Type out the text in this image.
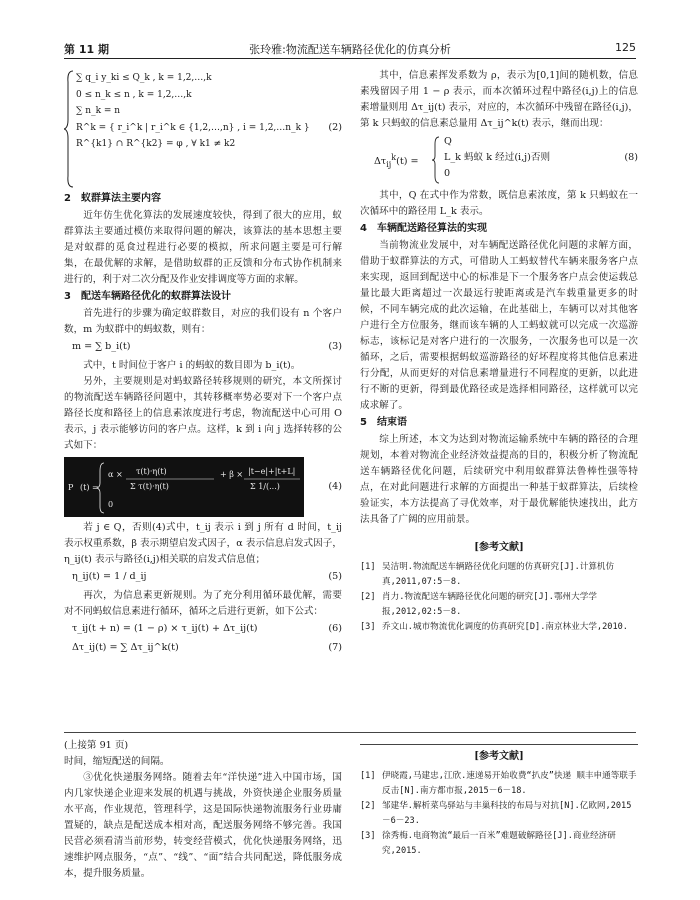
第 11 期	张玲雅:物流配送车辆路径优化的仿真分析	125
∑ q_i y_ki ≤ Q_k , k = 1,2,…,k
0 ≤ n_k ≤ n , k = 1,2,…,k
∑ n_k = n
R^k = { r_i^k | r_i^k ∈ {1,2,…,n} , i = 1,2,…n_k }
R^{k1} ∩ R^{k2} = φ , ∀ k1 ≠ k2
(2)
2　蚁群算法主要内容

近年仿生优化算法的发展速度较快，得到了很大的应用，蚁群算法主要通过模仿来取得问题的解决，该算法的基本思想主要是对蚁群的觅食过程进行必要的模拟，所求问题主要是可行解集，在最优解的求解，是借助蚁群的正反馈和分布式协作机制来进行的，利于对二次分配及作业安排调度等方面的求解。

3　配送车辆路径优化的蚁群算法设计

首先进行的步骤为确定蚁群数目，对应的我们设有 n 个客户数，m 为蚁群中的蚂蚁数，则有：

m = ∑ b_i(t)	(3)

式中，t 时间位于客户 i 的蚂蚁的数目即为 b_i(t)。

另外，主要规则是对蚂蚁路径转移规则的研究，本文所探讨的物流配送车辆路径问题中，其转移概率势必要对下一个客户点路径长度和路径上的信息素浓度进行考虑，物流配送中心可用 O 表示，j 表示能够访问的客户点。这样，k 到 i 向 j 选择转移的公式如下：

P (t) =
α × τ(t)·η(t)
Σ τ(t)·η(t)
+ β × |t−e|+|t+L|
Σ 1/(...)
0
(4)

若 j ∈ Q，否则(4)式中，t_ij 表示 i 到 j 所有 d 时间，t_ij 表示权重系数，β 表示期望启发式因子，α 表示信息启发式因子，η_ij(t) 表示与路径(i,j)相关联的启发式信息值；

η_ij(t) = 1 / d_ij	(5)

再次，为信息素更新规则。为了充分利用循环最优解，需要对不同蚂蚁信息素进行循环，循环之后进行更新，如下公式：

τ_ij(t + n) = (1 − ρ) × τ_ij(t) + Δτ_ij(t)	(6)
Δτ_ij(t) = ∑ Δτ_ij^k(t)	(7)

其中，信息素挥发系数为 ρ，表示为[0,1]间的随机数，信息素残留因子用 1 − ρ 表示，而本次循环过程中路径(i,j)上的信息素增量则用 Δτ_ij(t) 表示，对应的，本次循环中残留在路径(i,j)，第 k 只蚂蚁的信息素总量用 Δτ_ij^k(t) 表示，继而出现：

$\Delta\tau_{ij}^k(t)$ =
Q
L_k 蚂蚁 k 经过(i,j)否则
0
(8)

其中，Q 在式中作为常数，既信息素浓度，第 k 只蚂蚁在一次循环中的路径用 L_k 表示。

4　车辆配送路径算法的实现

当前物流业发展中，对车辆配送路径优化问题的求解方面，借助于蚁群算法的方式，可借助人工蚂蚁替代车辆来服务客户点来实现，返回到配送中心的标准是下一个服务客户点会使运载总量比最大距离超过一次最远行驶距离或是汽车载重量更多的时候，不同车辆完成的此次运输，在此基础上，车辆可以对其他客户进行全方位服务，继而该车辆的人工蚂蚁就可以完成一次巡游标志，该标记是对客户进行的一次服务，一次服务也可以是一次循环，之后，需要根据蚂蚁巡游路径的好坏程度将其他信息素进行分配，从而更好的对信息素增量进行不同程度的更新，以此进行不断的更新，得到最优路径或是选择相同路径，这样就可以完成求解了。

5　结束语

综上所述，本文为达到对物流运输系统中车辆的路径的合理规划，本着对物流企业经济效益提高的目的，积极分析了物流配送车辆路径优化问题，后续研究中利用蚁群算法鲁棒性强等特点，在对此问题进行求解的方面提出一种基于蚁群算法，后续检验证实，本方法提高了寻优效率，对于最优解能快速找出，此方法具备了广阔的应用前景。

[参考文献]
[1] 吴洁明.物流配送车辆路径优化问题的仿真研究[J].计算机仿真,2011,07:5－8.
[2] 肖力.物流配送车辆路径优化问题的研究[J].鄂州大学学报,2012,02:5－8.
[3] 乔文山.城市物流优化调度的仿真研究[D].南京林业大学,2010.
(上接第 91 页)
时间，缩短配送的间隔。

③优化快递服务网络。随着去年“洋快递”进入中国市场，国内几家快递企业迎来发展的机遇与挑战，外资快递企业服务质量水平高，作业规范，管理科学，这是国际快递物流服务行业毋庸置疑的，缺点是配送成本相对高，配送服务网络不够完善。我国民营必须看清当前形势，转变经营模式，优化快递服务网络，迅速维护网点服务，“点”、“线”、“面”结合共同配送，降低服务成本，提升服务质量。

[参考文献]
[1] 伊晓霞,马建忠,江欣.速递易开始收费“扒皮”快递 顺丰申通等联手反击[N].南方都市报,2015－6－18.
[2] 邹建华.解析菜鸟驿站与丰巢科技的布局与对抗[N].亿欧网,2015－6－23.
[3] 徐秀梅.电商物流“最后一百米”难题破解路径[J].商业经济研究,2015.
